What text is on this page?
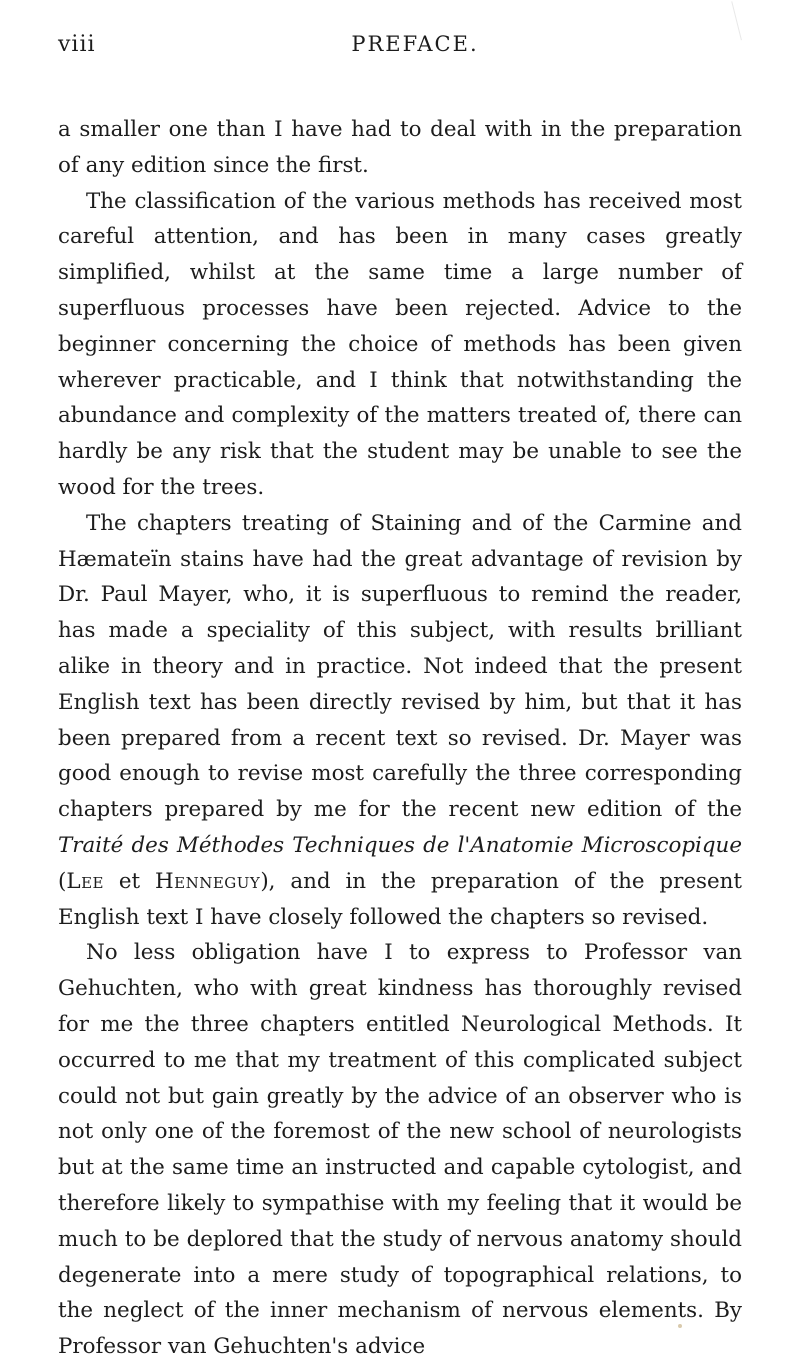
viii	PREFACE.

a smaller one than I have had to deal with in the preparation of any edition since the first.

The classification of the various methods has received most careful attention, and has been in many cases greatly simplified, whilst at the same time a large number of superfluous processes have been rejected. Advice to the beginner concerning the choice of methods has been given wherever practicable, and I think that notwithstanding the abundance and complexity of the matters treated of, there can hardly be any risk that the student may be unable to see the wood for the trees.

The chapters treating of Staining and of the Carmine and Hæmateïn stains have had the great advantage of revision by Dr. Paul Mayer, who, it is superfluous to remind the reader, has made a speciality of this subject, with results brilliant alike in theory and in practice. Not indeed that the present English text has been directly revised by him, but that it has been prepared from a recent text so revised. Dr. Mayer was good enough to revise most carefully the three corresponding chapters prepared by me for the recent new edition of the Traité des Méthodes Techniques de l'Anatomie Microscopique (Lee et Henneguy), and in the preparation of the present English text I have closely followed the chapters so revised.

No less obligation have I to express to Professor van Gehuchten, who with great kindness has thoroughly revised for me the three chapters entitled Neurological Methods. It occurred to me that my treatment of this complicated subject could not but gain greatly by the advice of an observer who is not only one of the foremost of the new school of neurologists but at the same time an instructed and capable cytologist, and therefore likely to sympathise with my feeling that it would be much to be deplored that the study of nervous anatomy should degenerate into a mere study of topographical relations, to the neglect of the inner mechanism of nervous elements. By Professor van Gehuchten's advice
